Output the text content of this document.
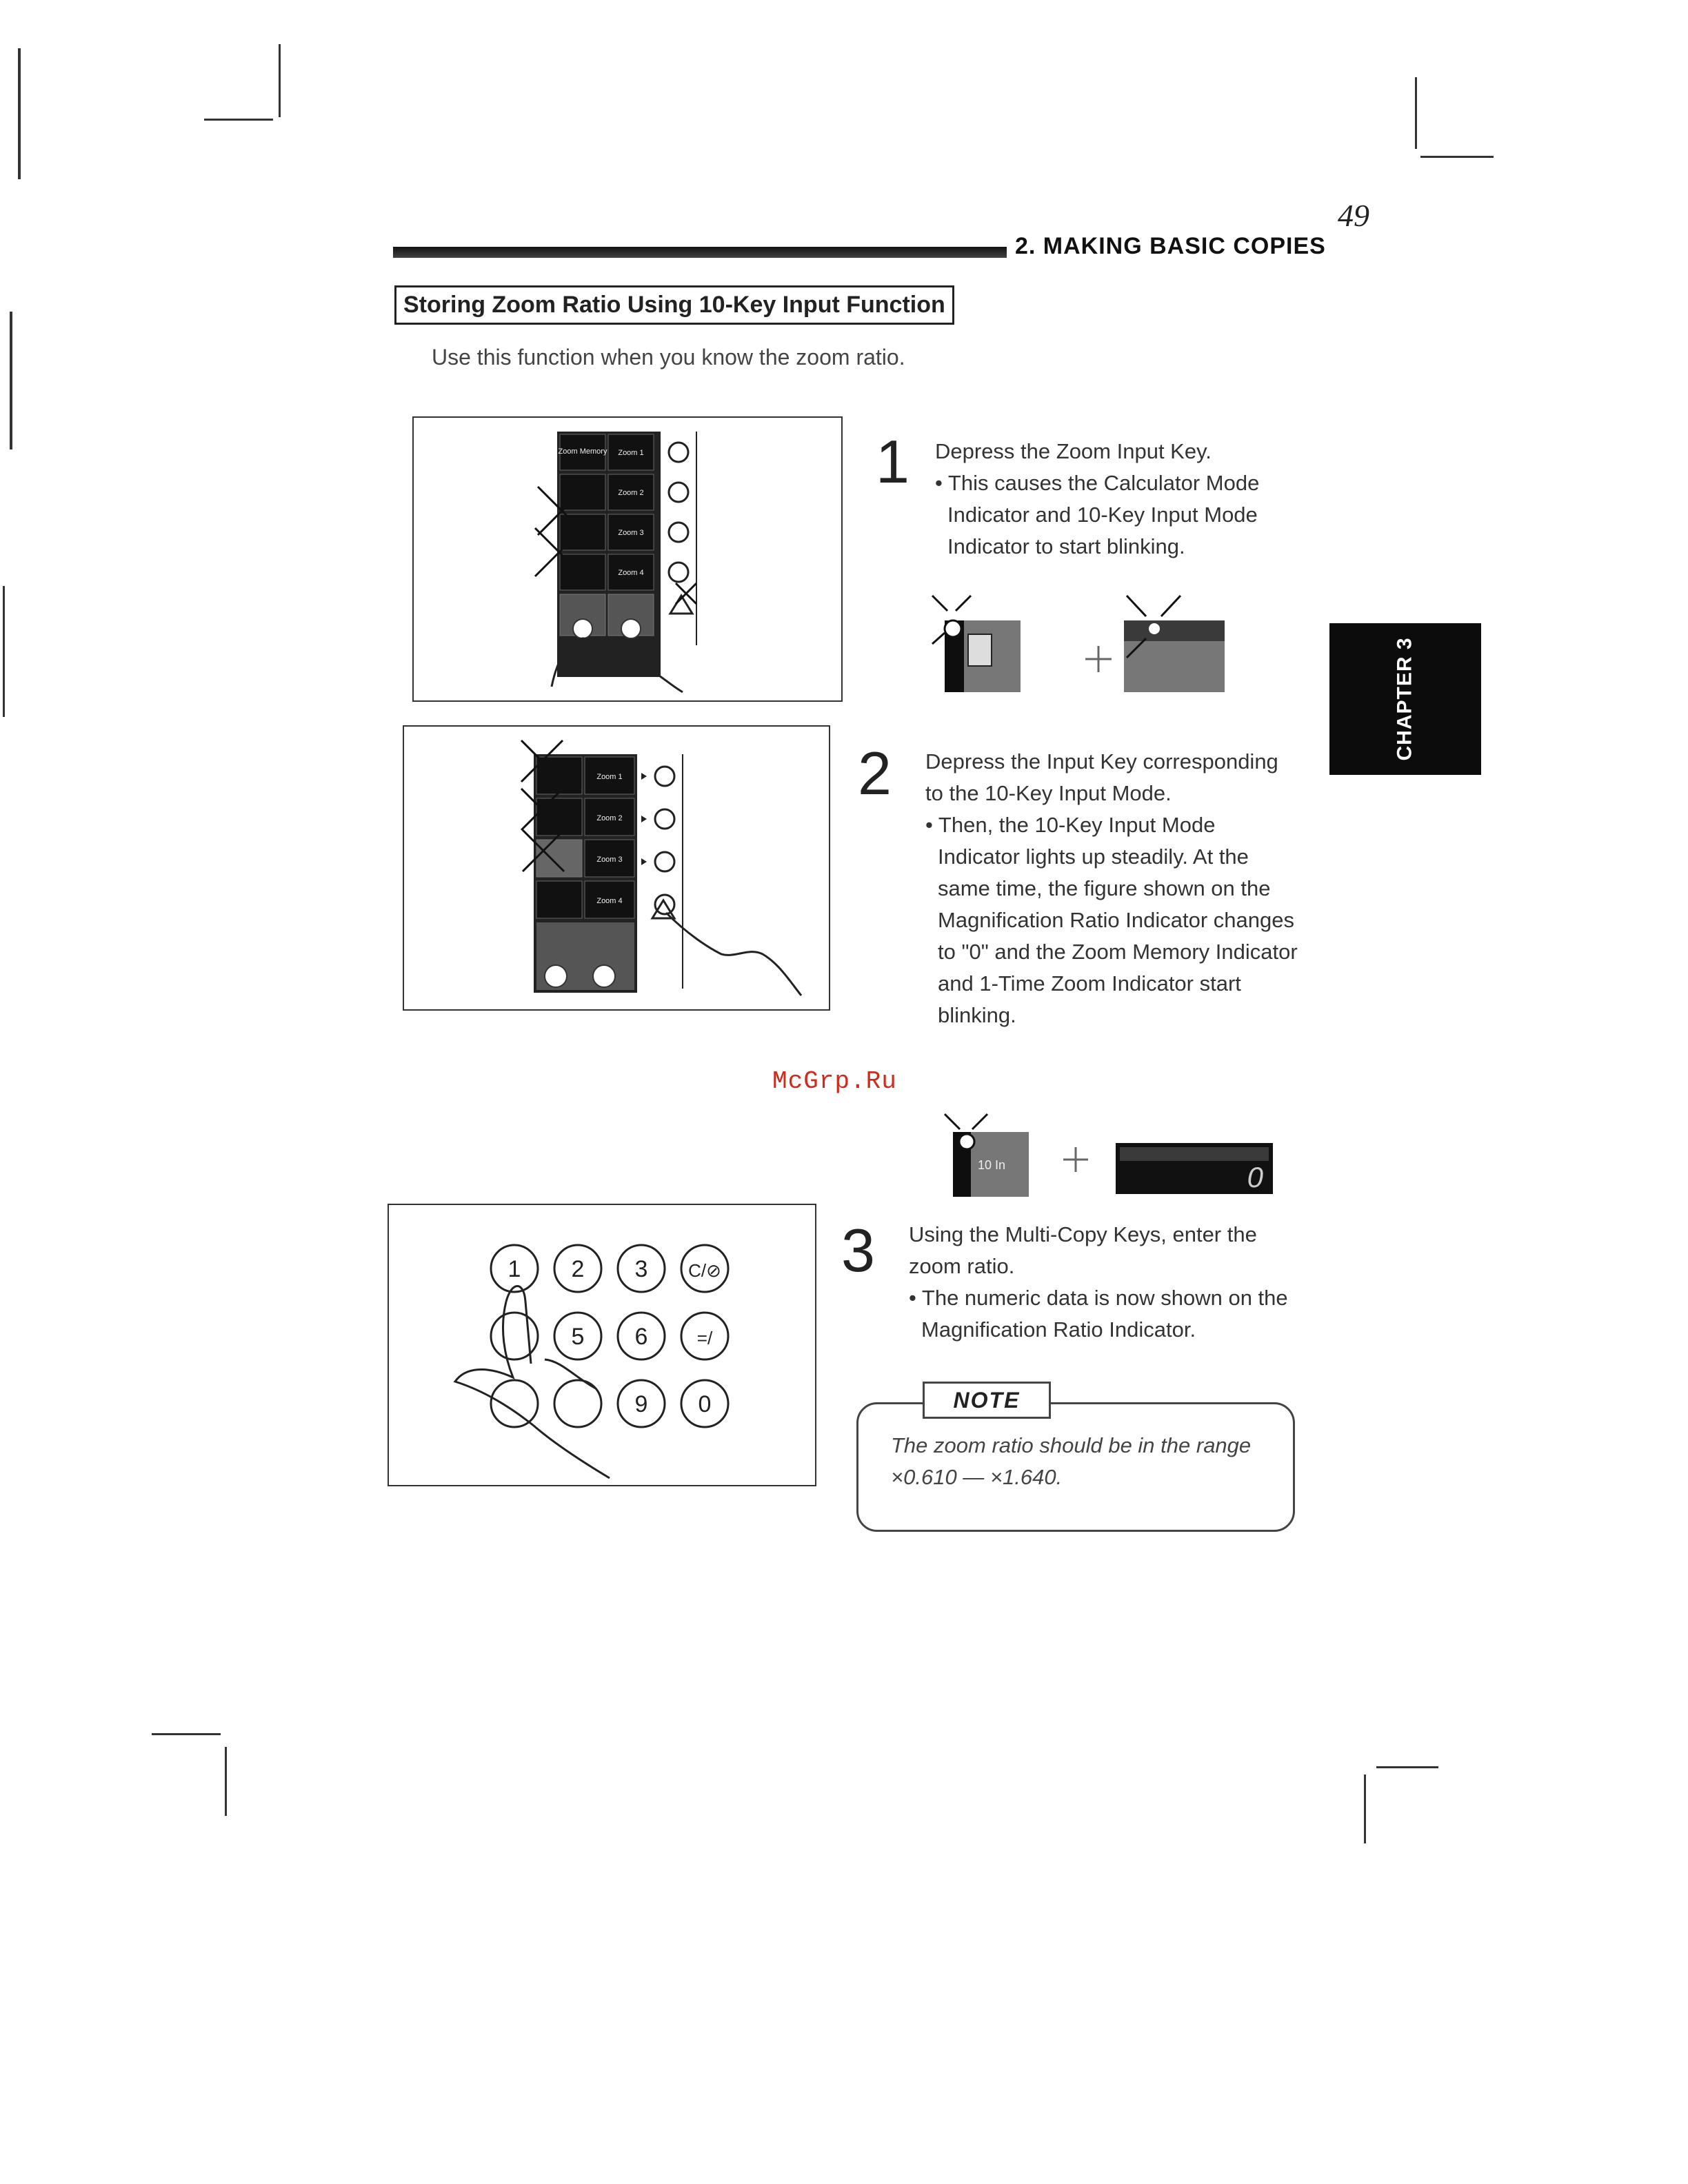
49
2. MAKING BASIC COPIES
Storing Zoom Ratio Using 10-Key Input Function
Use this function when you know the zoom ratio.
CHAPTER 3
Zoom Memory Zoom 1
Zoom 2
Zoom 3
Zoom 4
1 Depress the Zoom Input Key.

• This causes the Calculator Mode Indicator and 10-Key Input Mode Indicator to start blinking.

Zoom 1
Zoom 2
Zoom 3
Zoom 4
2 Depress the Input Key corresponding to the 10-Key Input Mode.

• Then, the 10-Key Input Mode Indicator lights up steadily. At the same time, the figure shown on the Magnification Ratio Indicator changes to "0" and the Zoom Memory Indicator and 1-Time Zoom Indicator start blinking.

McGrp.Ru
10 In	0
1 2 3 C/⊘
5 6	=/
9 0
3 Using the Multi-Copy Keys, enter the zoom ratio.

• The numeric data is now shown on the Magnification Ratio Indicator.

NOTE
The zoom ratio should be in the range ×0.610 — ×1.640.
